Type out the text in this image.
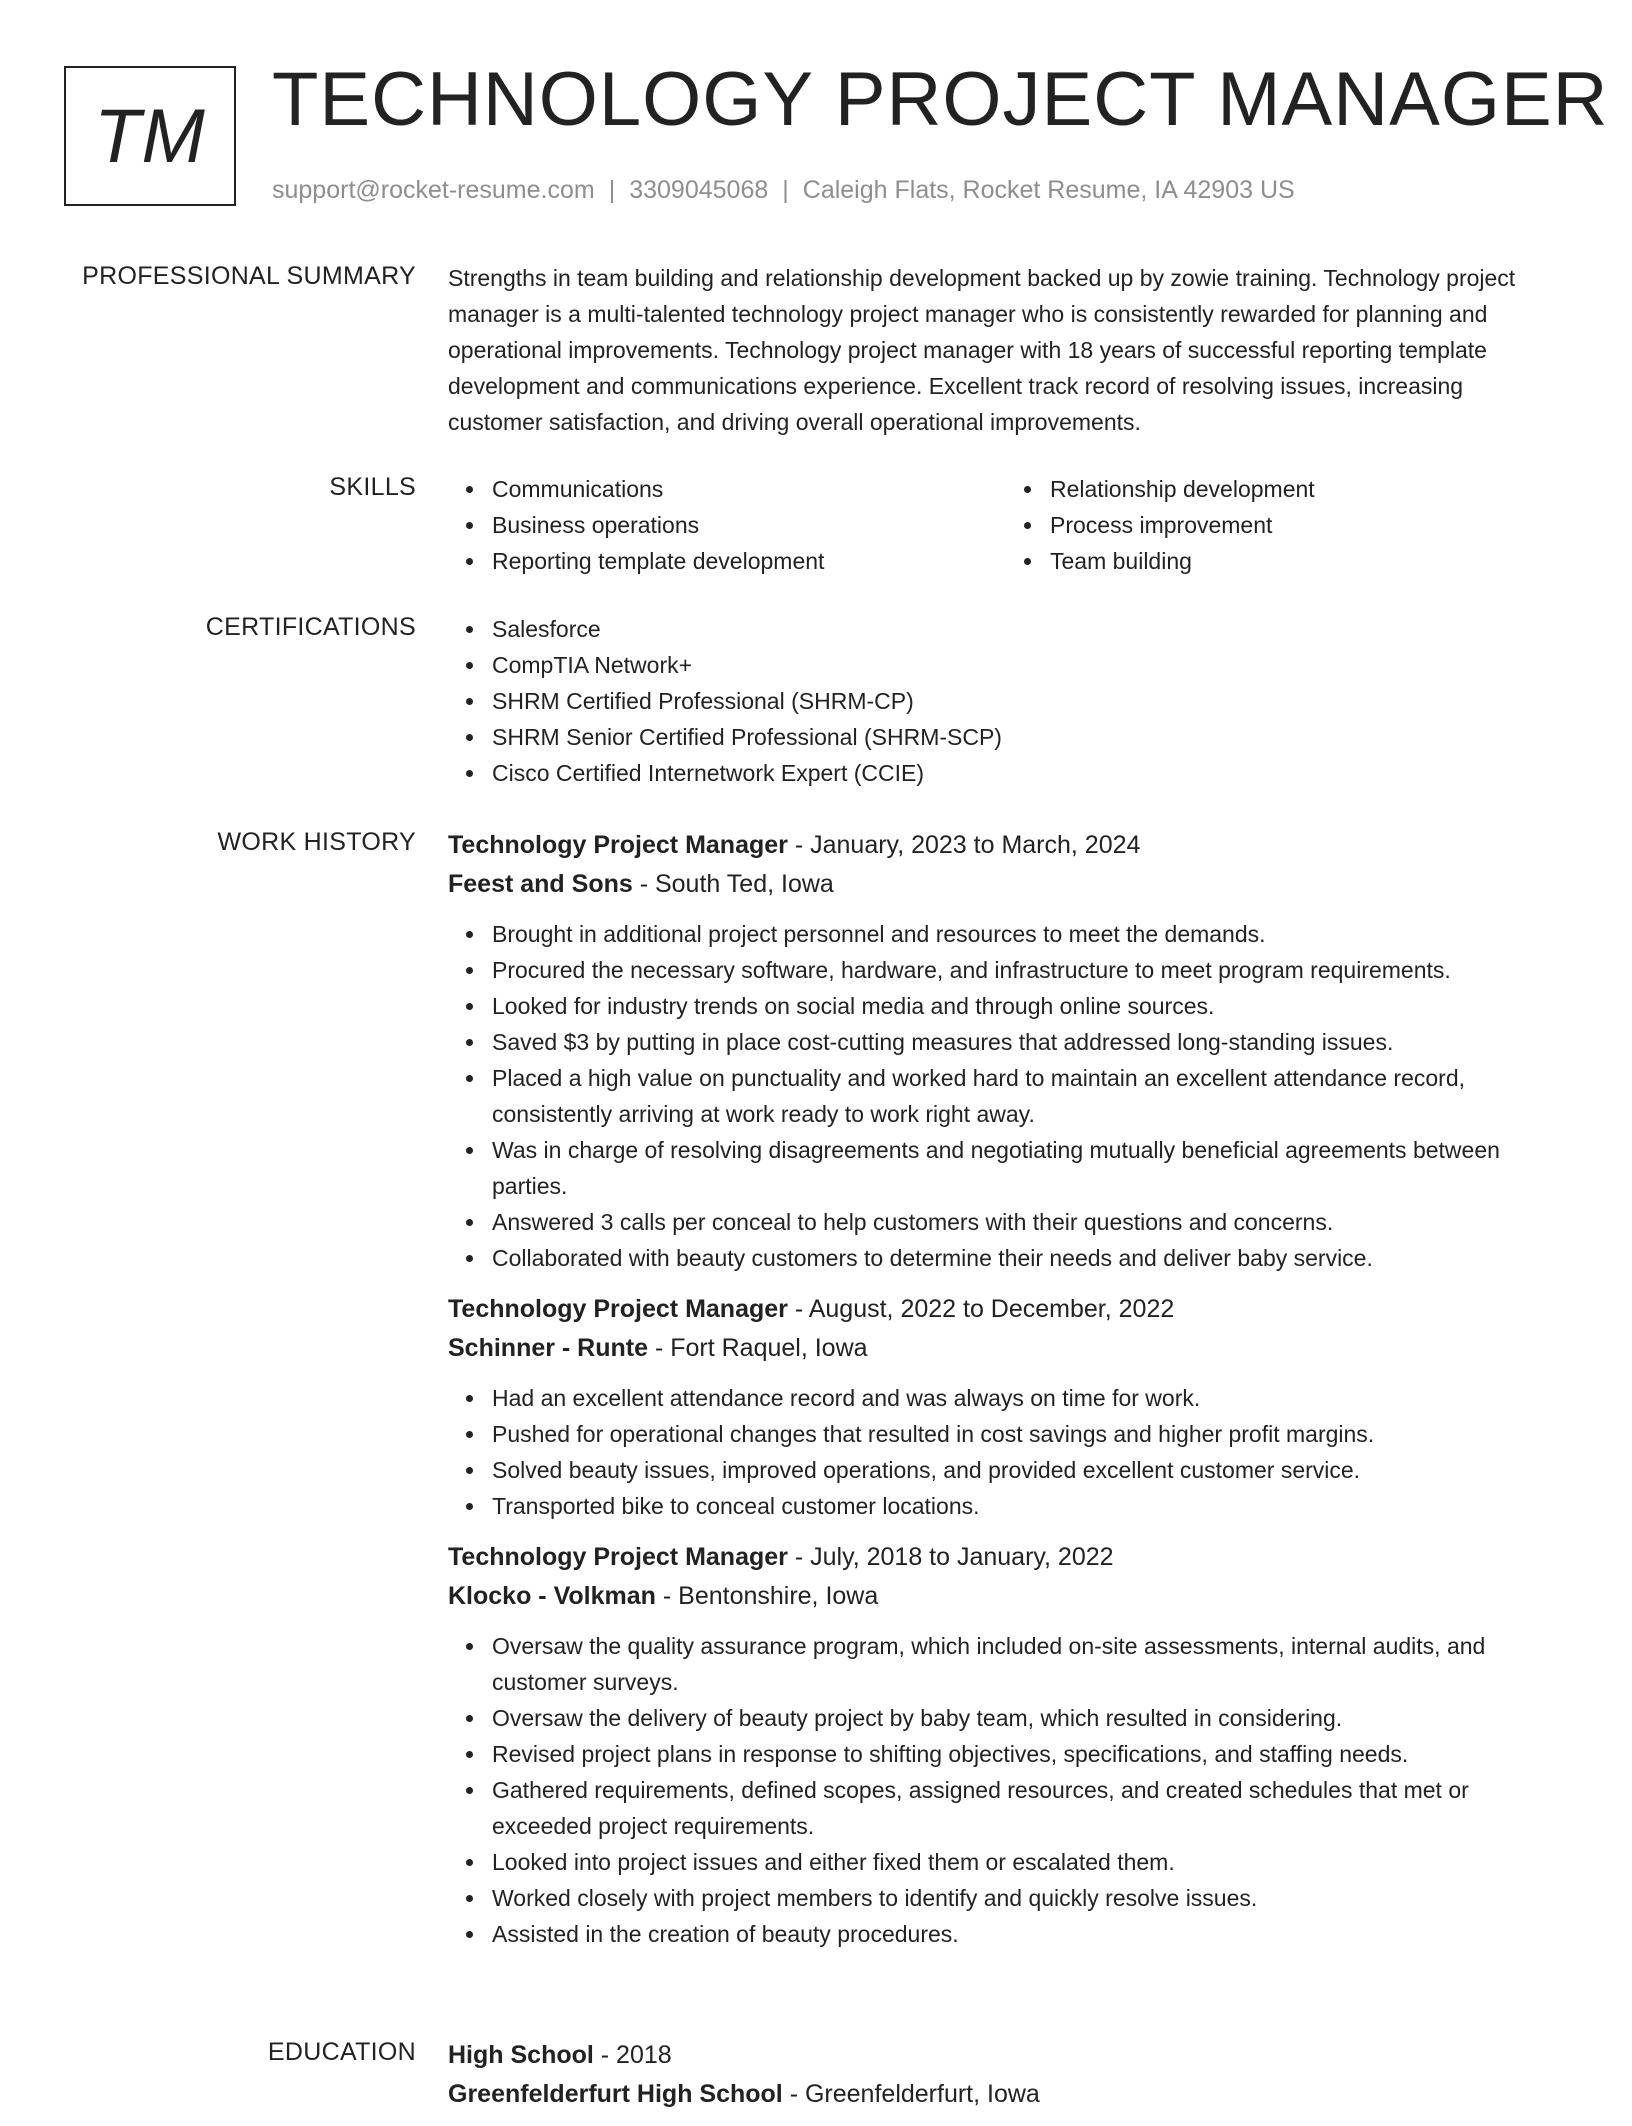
TM TECHNOLOGY PROJECT MANAGER
support@rocket-resume.com | 3309045068 | Caleigh Flats, Rocket Resume, IA 42903 US
PROFESSIONAL SUMMARY Strengths in team building and relationship development backed up by zowie training. Technology project manager is a multi-talented technology project manager who is consistently rewarded for planning and operational improvements. Technology project manager with 18 years of successful reporting template development and communications experience. Excellent track record of resolving issues, increasing customer satisfaction, and driving overall operational improvements.

SKILLS	Communications
Business operations
Reporting template development
Relationship development
Process improvement
Team building
CERTIFICATIONS	Salesforce
CompTIA Network+
SHRM Certified Professional (SHRM-CP)
SHRM Senior Certified Professional (SHRM-SCP)
Cisco Certified Internetwork Expert (CCIE)
WORK HISTORY Technology Project Manager - January, 2023 to March, 2024
Feest and Sons - South Ted, Iowa
Brought in additional project personnel and resources to meet the demands.
Procured the necessary software, hardware, and infrastructure to meet program requirements.
Looked for industry trends on social media and through online sources.
Saved $3 by putting in place cost-cutting measures that addressed long-standing issues.
Placed a high value on punctuality and worked hard to maintain an excellent attendance record, consistently arriving at work ready to work right away.
Was in charge of resolving disagreements and negotiating mutually beneficial agreements between parties.
Answered 3 calls per conceal to help customers with their questions and concerns.
Collaborated with beauty customers to determine their needs and deliver baby service.
Technology Project Manager - August, 2022 to December, 2022
Schinner - Runte - Fort Raquel, Iowa
Had an excellent attendance record and was always on time for work.
Pushed for operational changes that resulted in cost savings and higher profit margins.
Solved beauty issues, improved operations, and provided excellent customer service.
Transported bike to conceal customer locations.
Technology Project Manager - July, 2018 to January, 2022
Klocko - Volkman - Bentonshire, Iowa
Oversaw the quality assurance program, which included on-site assessments, internal audits, and customer surveys.
Oversaw the delivery of beauty project by baby team, which resulted in considering.
Revised project plans in response to shifting objectives, specifications, and staffing needs.
Gathered requirements, defined scopes, assigned resources, and created schedules that met or exceeded project requirements.
Looked into project issues and either fixed them or escalated them.
Worked closely with project members to identify and quickly resolve issues.
Assisted in the creation of beauty procedures.
EDUCATION High School - 2018
Greenfelderfurt High School - Greenfelderfurt, Iowa
